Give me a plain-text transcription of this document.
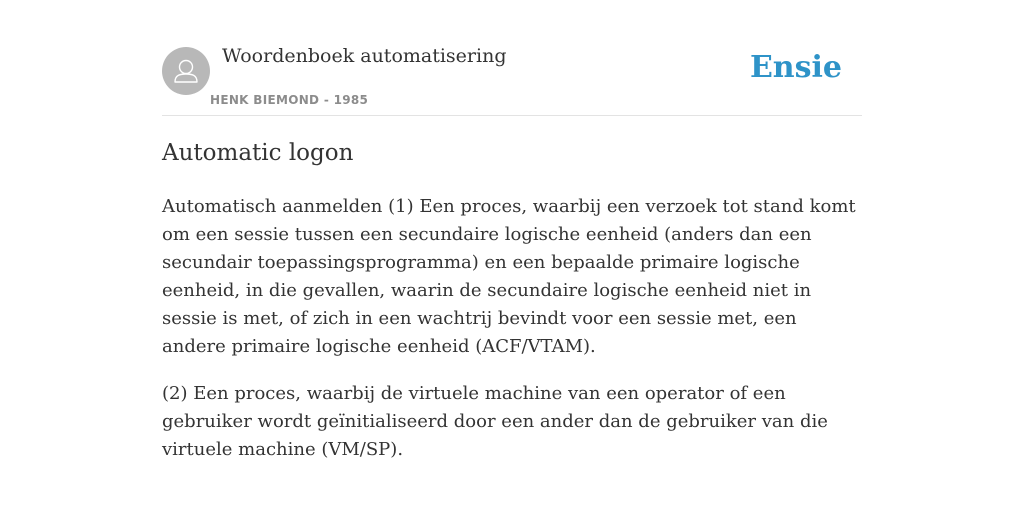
Woordenboek automatisering
HENK BIEMOND - 1985
Ensie
Automatic logon

Automatisch aanmelden (1) Een proces, waarbij een verzoek tot stand komt om een sessie tussen een secundaire logische eenheid (anders dan een secundair toepassingsprogramma) en een bepaalde primaire logische eenheid, in die gevallen, waarin de secundaire logische eenheid niet in sessie is met, of zich in een wachtrij bevindt voor een sessie met, een andere primaire logische eenheid (ACF/VTAM).

(2) Een proces, waarbij de virtuele machine van een operator of een gebruiker wordt geïnitialiseerd door een ander dan de gebruiker van die virtuele machine (VM/SP).
